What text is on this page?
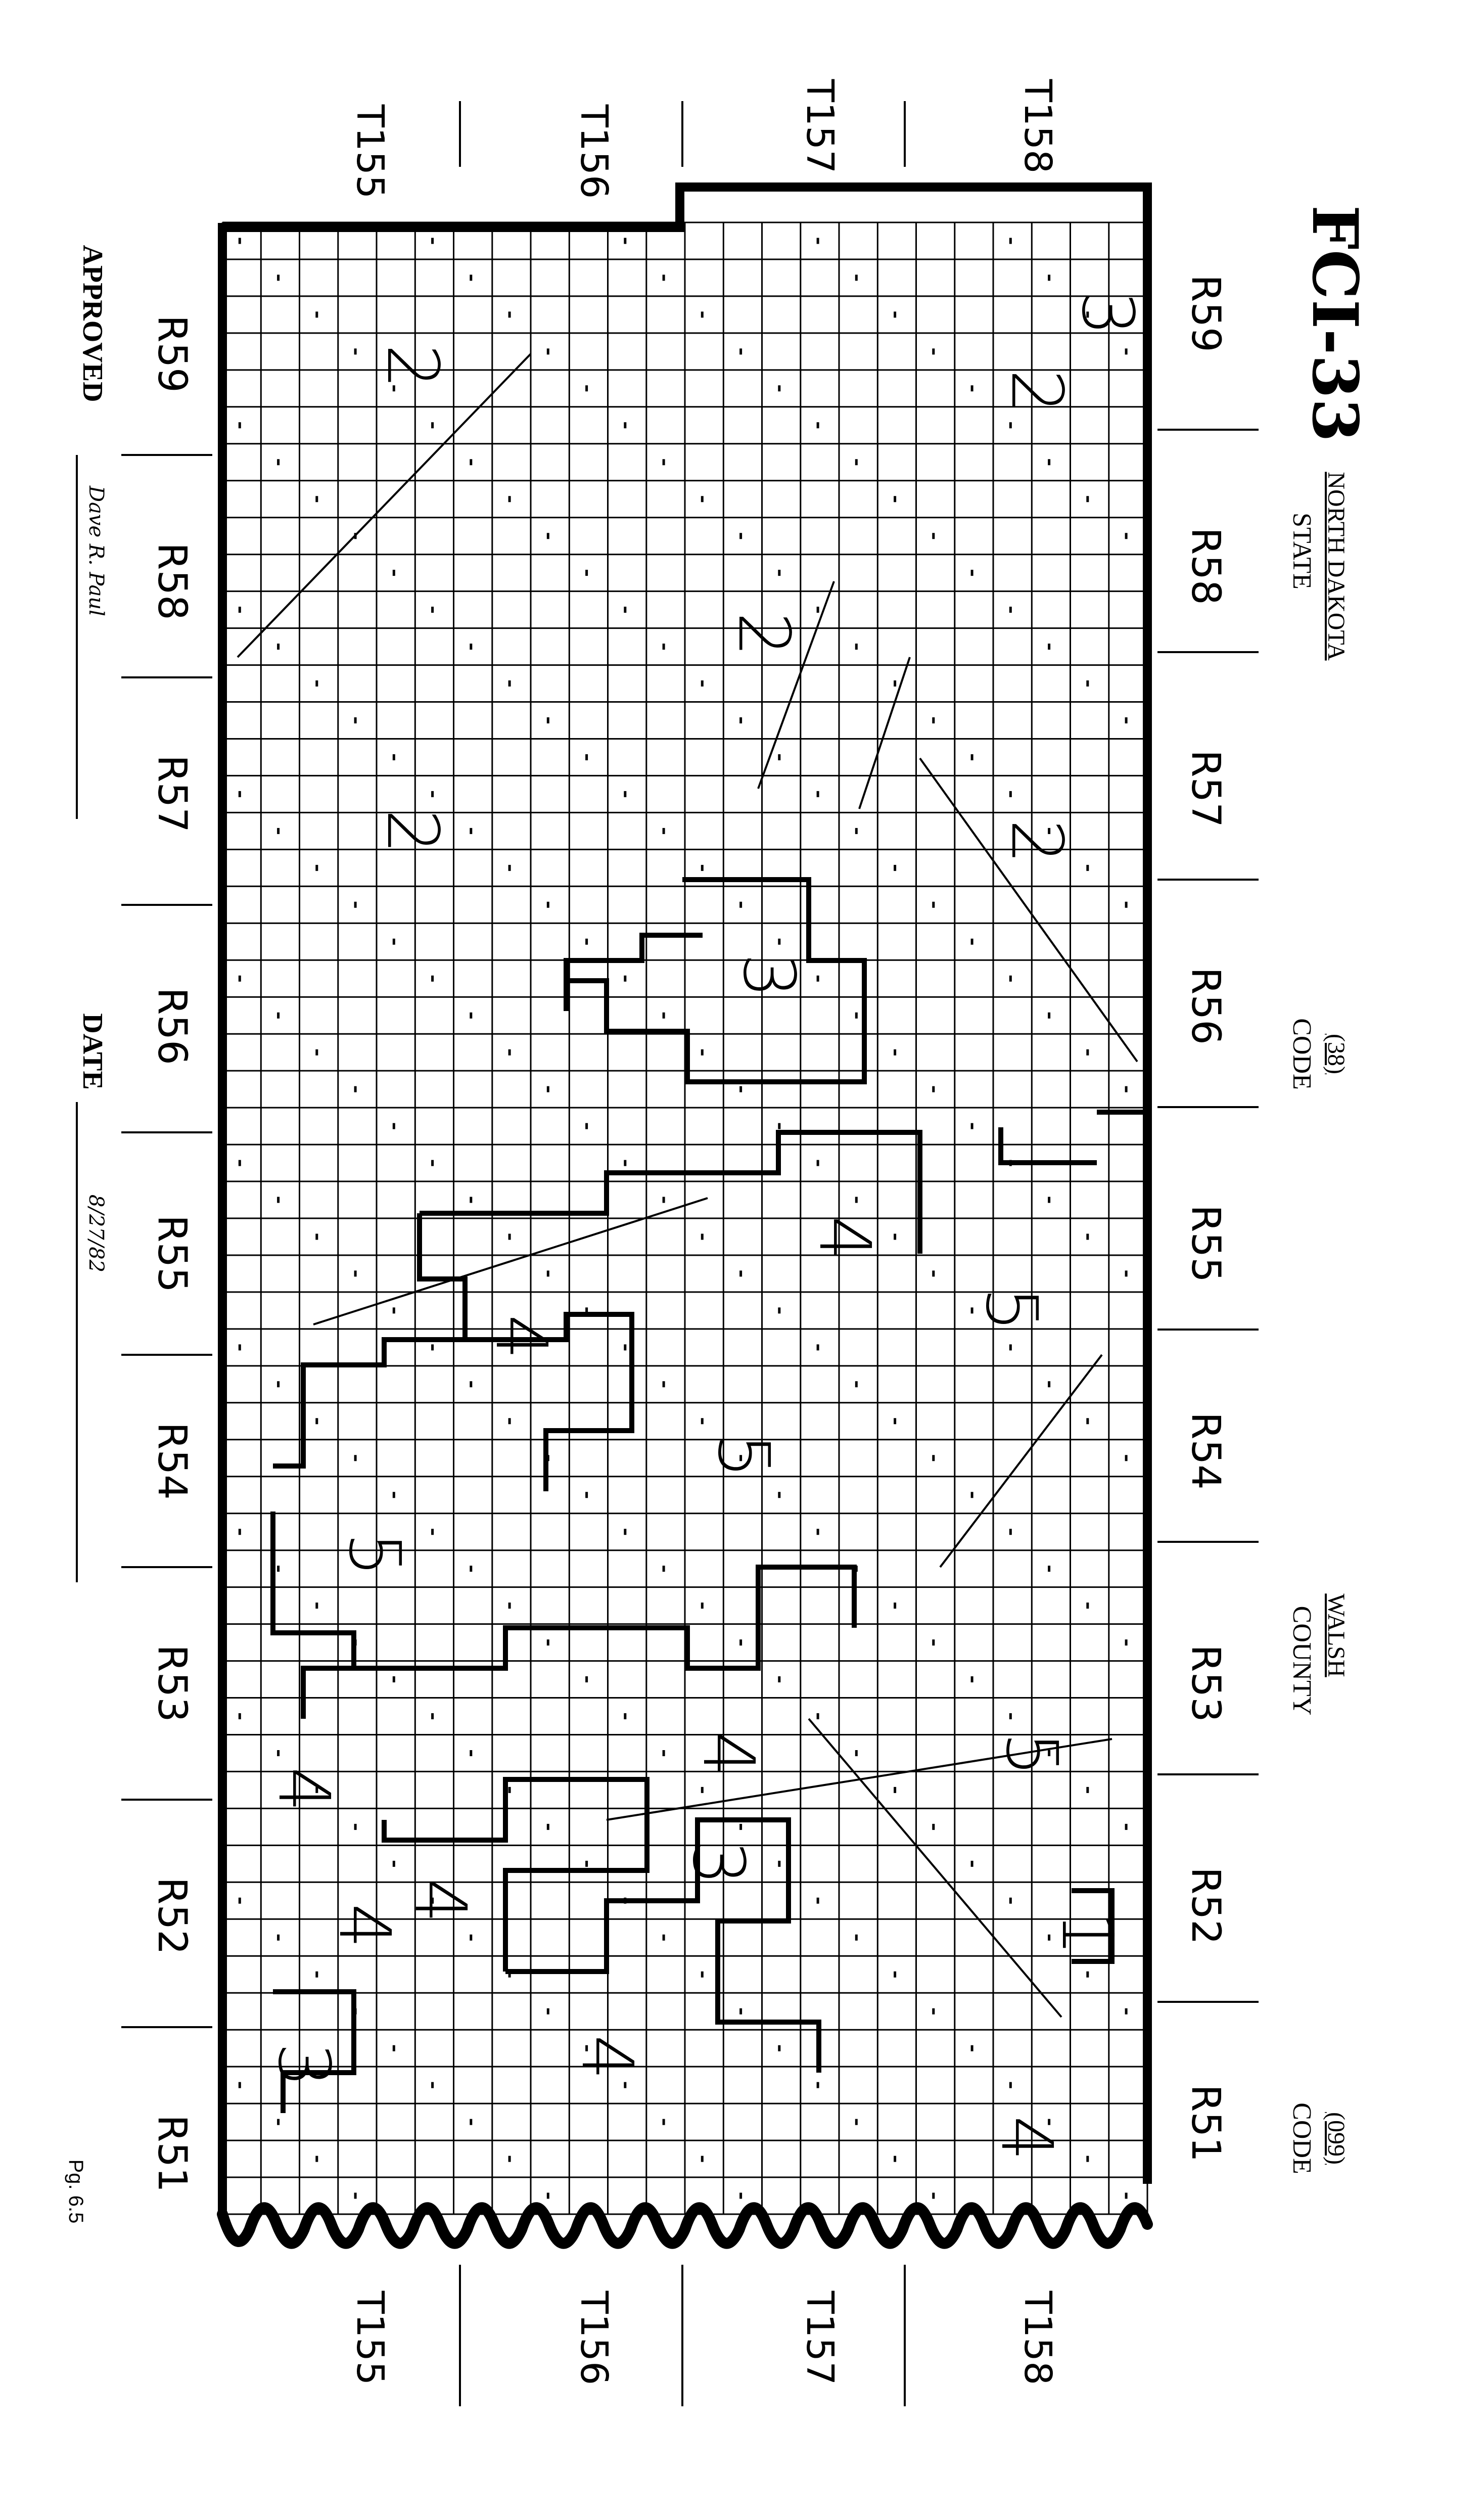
FCI-33
NORTH DAKOTA
STATE
(38)
CODE
WALSH
COUNTY
(099)
CODE
APPROVED
Dave R. Paul
DATE
8/27/82
Pg. 6.5
T155	T156	T157	T158
T155	T156	T157	T158
R59
R58
R57
R56
R55
R54
R53
R52
R51
R59
R58
R57
R56
R55
R54
R53
R52
R51
3
2
2
2
2	2
3
4
5
4
5
5
4	5
4
3
4
4	1
3	4
4
